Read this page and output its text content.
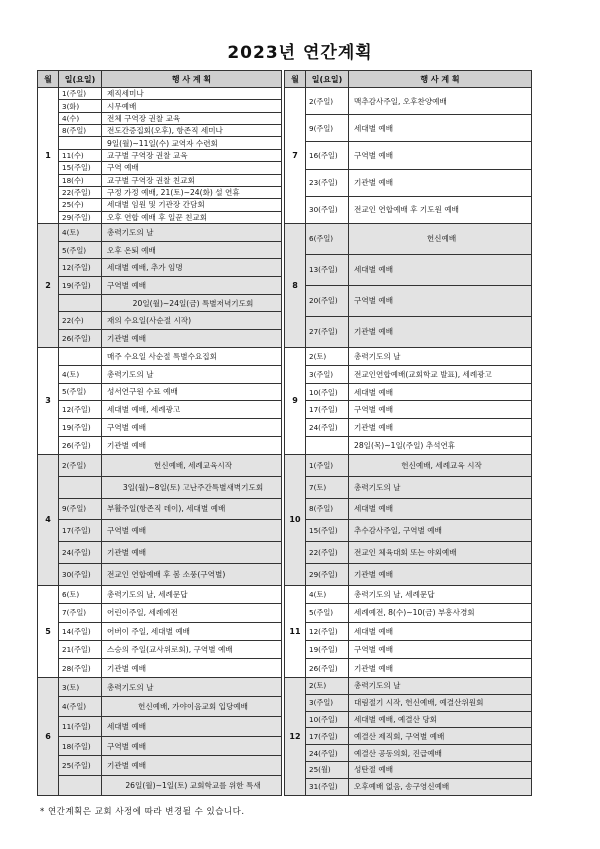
2023년 연간계획
월	일(요일)	행 사 계 획
1	1(주일)	제직세미나
	3(화)	시무예배
	4(수)	전체 구역장 권찰 교육
	8(주일)	전도간증집회(오후), 항존직 세미나
		9일(월)~11일(수) 교역자 수련회
	11(수)	교구별 구역장 권찰 교육
	15(주일)	구역 예배
	18(수)	교구별 구역장 권찰 친교회
	22(주일)	구정 가정 예배, 21(토)~24(화) 설 연휴
	25(수)	세대별 임원 및 기관장 간담회
	29(주일)	오후 연합 예배 후 일꾼 친교회
2	4(토)	총력기도의 날
	5(주일)	오후 온퇴 예배
	12(주일)	세대별 예배, 추가 임명
	19(주일)	구역별 예배
		20일(월)~24일(금) 특별저녁기도회
	22(수)	재의 수요일(사순절 시작)
	26(주일)	기관별 예배
3		매주 수요일 사순절 특별수요집회
	4(토)	총력기도의 날
	5(주일)	성서연구원 수료 예배
	12(주일)	세대별 예배, 세례광고
	19(주일)	구역별 예배
	26(주일)	기관별 예배
4	2(주일)	헌신예배, 세례교육시작
		3일(월)~8일(토) 고난주간특별새벽기도회
	9(주일)	부활주일(항존직 데이), 세대별 예배
	17(주일)	구역별 예배
	24(주일)	기관별 예배
	30(주일)	전교인 연합예배 후 봄 소풍(구역별)
5	6(토)	총력기도의 날, 세례문답
	7(주일)	어린이주일, 세례예전
	14(주일)	어버이 주일, 세대별 예배
	21(주일)	스승의 주일(교사위로회), 구역별 예배
	28(주일)	기관별 예배
6	3(토)	총력기도의 날
	4(주일)	헌신예배, 가야이음교회 입당예배
	11(주일)	세대별 예배
	18(주일)	구역별 예배
	25(주일)	기관별 예배
		26일(월)~1일(토) 교회학교를 위한 특새
월	일(요일)	행 사 계 획
7	2(주일)	맥추감사주일, 오후찬양예배
	9(주일)	세대별 예배
	16(주일)	구역별 예배
	23(주일)	기관별 예배
	30(주일)	전교인 연합예배 후 기도원 예배
8	6(주일)	헌신예배
	13(주일)	세대별 예배
	20(주일)	구역별 예배
	27(주일)	기관별 예배
9	2(토)	총력기도의 날
	3(주일)	전교인연합예배(교회학교 발표), 세례광고
	10(주일)	세대별 예배
	17(주일)	구역별 예배
	24(주일)	기관별 예배
		28일(목)~1일(주일) 추석연휴
10	1(주일)	헌신예배, 세례교육 시작
	7(토)	총력기도의 날
	8(주일)	세대별 예배
	15(주일)	추수감사주일, 구역별 예배
	22(주일)	전교인 체육대회 또는 야외예배
	29(주일)	기관별 예배
11	4(토)	총력기도의 날, 세례문답
	5(주일)	세례예전, 8(수)~10(금) 부흥사경회
	12(주일)	세대별 예배
	19(주일)	구역별 예배
	26(주일)	기관별 예배
12	2(토)	총력기도의 날
	3(주일)	대림절기 시작, 헌신예배, 예결산위원회
	10(주일)	세대별 예배, 예결산 당회
	17(주일)	예결산 제직회, 구역별 예배
	24(주일)	예결산 공동의회, 진급예배
	25(월)	성탄절 예배
	31(주일)	오후예배 없음, 송구영신예배
* 연간계획은 교회 사정에 따라 변경될 수 있습니다.
